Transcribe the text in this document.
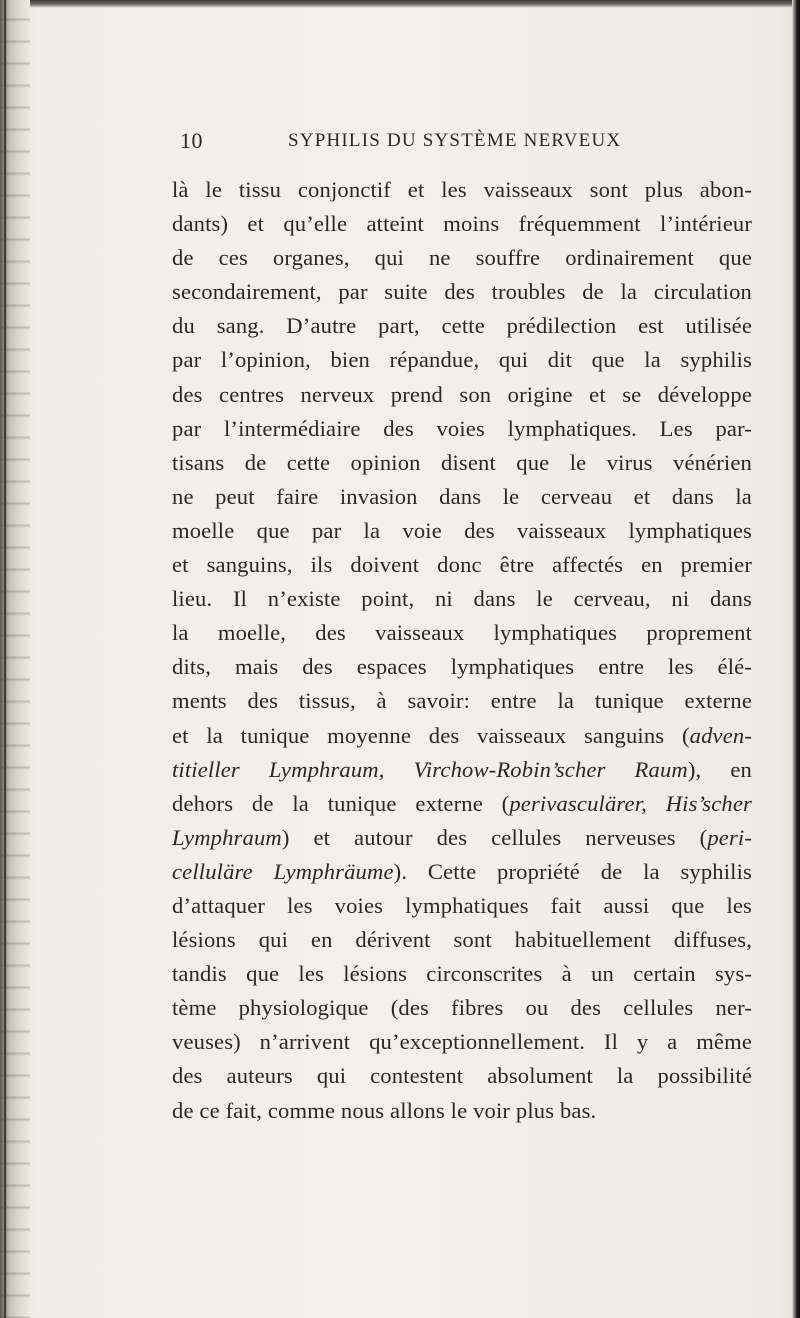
10	SYPHILIS DU SYSTÈME NERVEUX
là le tissu conjonctif et les vaisseaux sont plus abon-
dants) et qu’elle atteint moins fréquemment l’intérieur
de ces organes, qui ne souffre ordinairement que
secondairement, par suite des troubles de la circulation
du sang. D’autre part, cette prédilection est utilisée
par l’opinion, bien répandue, qui dit que la syphilis
des centres nerveux prend son origine et se développe
par l’intermédiaire des voies lymphatiques. Les par-
tisans de cette opinion disent que le virus vénérien
ne peut faire invasion dans le cerveau et dans la
moelle que par la voie des vaisseaux lymphatiques
et sanguins, ils doivent donc être affectés en premier
lieu. Il n’existe point, ni dans le cerveau, ni dans
la moelle, des vaisseaux lymphatiques proprement
dits, mais des espaces lymphatiques entre les élé-
ments des tissus, à savoir: entre la tunique externe
et la tunique moyenne des vaisseaux sanguins (adven-
titieller Lymphraum, Virchow-Robin’scher Raum), en
dehors de la tunique externe (perivasculärer, His’scher
Lymphraum) et autour des cellules nerveuses (peri-
celluläre Lymphräume). Cette propriété de la syphilis
d’attaquer les voies lymphatiques fait aussi que les
lésions qui en dérivent sont habituellement diffuses,
tandis que les lésions circonscrites à un certain sys-
tème physiologique (des fibres ou des cellules ner-
veuses) n’arrivent qu’exceptionnellement. Il y a même
des auteurs qui contestent absolument la possibilité
de ce fait, comme nous allons le voir plus bas.
